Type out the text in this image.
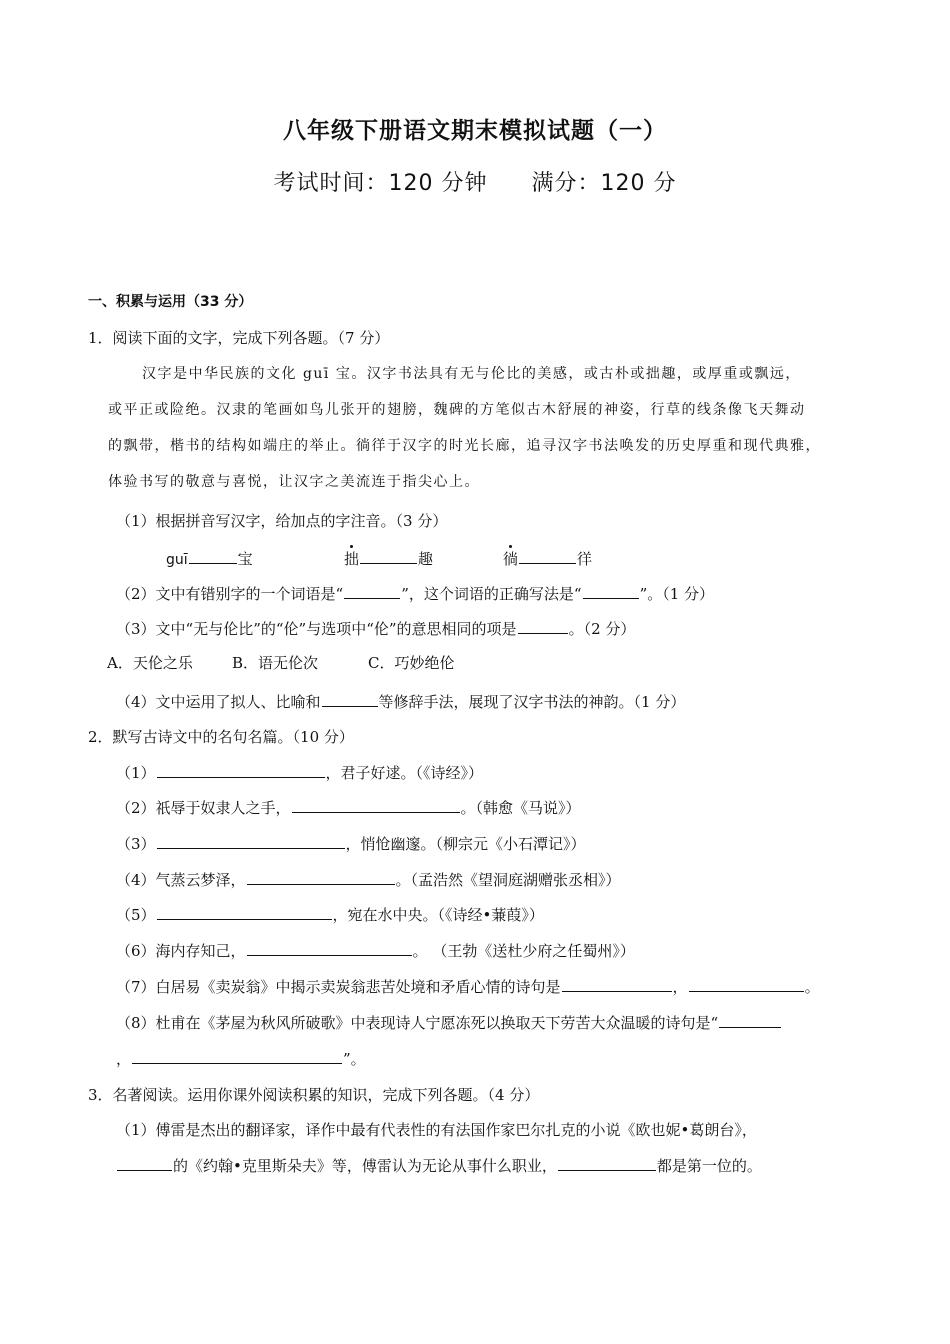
八年级下册语文期末模拟试题（一）
考试时间：120 分钟 满分：120 分
一、积累与运用（33 分）
1．阅读下面的文字，完成下列各题。（7 分）
汉字是中华民族的文化 guī 宝。汉字书法具有无与伦比的美感，或古朴或拙趣，或厚重或飘远，
或平正或险绝。汉隶的笔画如鸟儿张开的翅膀，魏碑的方笔似古木舒展的神姿，行草的线条像飞天舞动
的飘带，楷书的结构如端庄的举止。徜徉于汉字的时光长廊，追寻汉字书法唤发的历史厚重和现代典雅，
体验书写的敬意与喜悦，让汉字之美流连于指尖心上。
（1）根据拼音写汉字，给加点的字注音。（3 分）
guī	宝	拙	趣	徜	徉
（2）文中有错别字的一个词语是“	”，这个词语的正确写法是“	”。（1 分）
（3）文中“无与伦比”的“伦”与选项中“伦”的意思相同的项是	。（2 分）
A．天伦之乐	B．语无伦次	C．巧妙绝伦
（4）文中运用了拟人、比喻和	等修辞手法，展现了汉字书法的神韵。（1 分）
2．默写古诗文中的名句名篇。（10 分）
（1）	，君子好逑。（《诗经》）
（2）祇辱于奴隶人之手，	。（韩愈《马说》）
（3）	，悄怆幽邃。（柳宗元《小石潭记》）
（4）气蒸云梦泽，	。（孟浩然《望洞庭湖赠张丞相》）
（5）	，宛在水中央。（《诗经•蒹葭》）
（6）海内存知己，	。 （王勃《送杜少府之任蜀州》）
（7）白居易《卖炭翁》中揭示卖炭翁悲苦处境和矛盾心情的诗句是	，	。
（8）杜甫在《茅屋为秋风所破歌》中表现诗人宁愿冻死以换取天下劳苦大众温暖的诗句是“
，	”。
3．名著阅读。运用你课外阅读积累的知识，完成下列各题。（4 分）
（1）傅雷是杰出的翻译家，译作中最有代表性的有法国作家巴尔扎克的小说《欧也妮•葛朗台》，
的《约翰•克里斯朵夫》等，傅雷认为无论从事什么职业，	都是第一位的。
